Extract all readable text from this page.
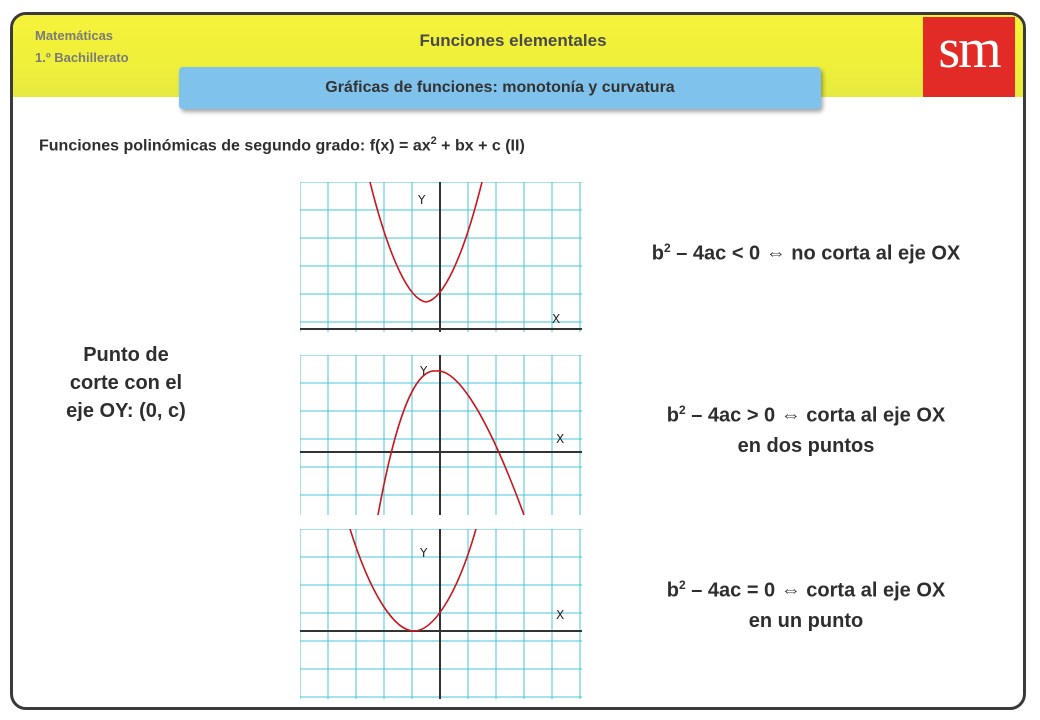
Matemáticas
1.º Bachillerato
Funciones elementales	sm
Gráficas de funciones: monotonía y curvatura
Funciones polinómicas de segundo grado: $f(x) = ax^2$ + bx + c (II)
Punto de
corte con el
eje OY: (0, c)
Y
X
Y
X
Y
X
$b^2 - 4ac < 0$ ⇔ no corta al eje OX
$b^2 - 4ac > 0$ ⇔ corta al eje OX
en dos puntos
$b^2 - 4ac = 0$ ⇔ corta al eje OX
en un punto
